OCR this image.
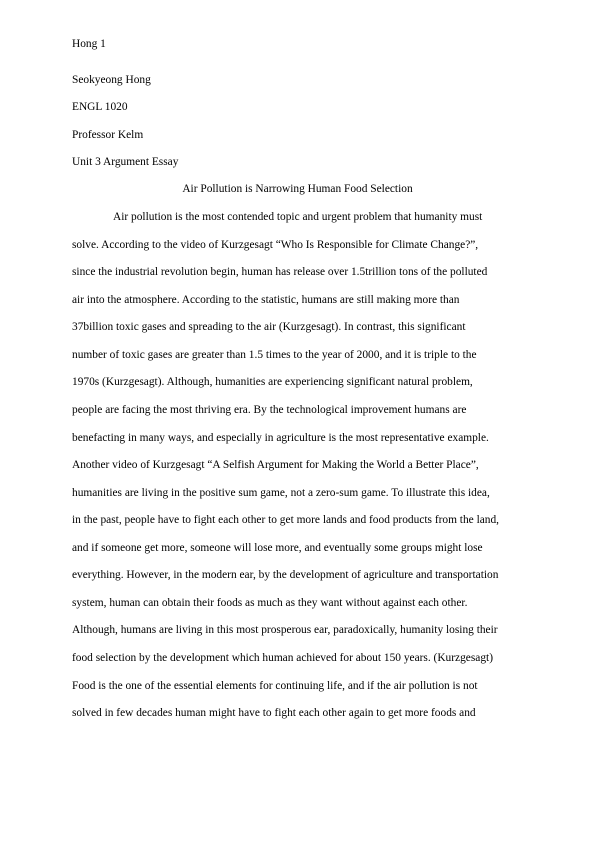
Hong 1
Seokyeong Hong
ENGL 1020
Professor Kelm
Unit 3 Argument Essay
Air Pollution is Narrowing Human Food Selection
Air pollution is the most contended topic and urgent problem that humanity must
solve. According to the video of Kurzgesagt “Who Is Responsible for Climate Change?”,
since the industrial revolution begin, human has release over 1.5trillion tons of the polluted
air into the atmosphere. According to the statistic, humans are still making more than
37billion toxic gases and spreading to the air (Kurzgesagt). In contrast, this significant
number of toxic gases are greater than 1.5 times to the year of 2000, and it is triple to the
1970s (Kurzgesagt). Although, humanities are experiencing significant natural problem,
people are facing the most thriving era. By the technological improvement humans are
benefacting in many ways, and especially in agriculture is the most representative example.
Another video of Kurzgesagt “A Selfish Argument for Making the World a Better Place”,
humanities are living in the positive sum game, not a zero-sum game. To illustrate this idea,
in the past, people have to fight each other to get more lands and food products from the land,
and if someone get more, someone will lose more, and eventually some groups might lose
everything. However, in the modern ear, by the development of agriculture and transportation
system, human can obtain their foods as much as they want without against each other.
Although, humans are living in this most prosperous ear, paradoxically, humanity losing their
food selection by the development which human achieved for about 150 years. (Kurzgesagt)
Food is the one of the essential elements for continuing life, and if the air pollution is not
solved in few decades human might have to fight each other again to get more foods and
